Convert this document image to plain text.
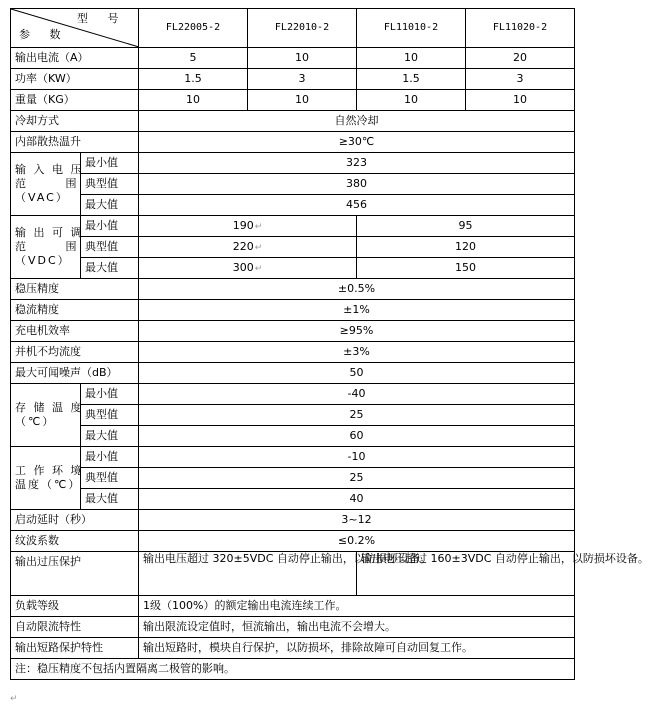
型 号
参 数		FL22005-2	FL22010-2	FL11010-2	FL11020-2
输出电流（A）		5	10	10	20
功率（KW）		1.5	3	1.5	3
重量（KG）		10	10	10	10
冷却方式		自然冷却			
内部散热温升		≥30℃			

输 入 电 压
范 围
（VAC）	最小值	323			
	典型值	380			
	最大值	456			

输 出 可 调
范 围
（VDC）	最小值	190↵		95	
	典型值	220↵		120	
	最大值	300↵		150	
稳压精度		±0.5%			
稳流精度		±1%			
充电机效率		≥95%			
并机不均流度		±3%			
最大可闻噪声（dB）		50			

存 储 温 度
（℃）	最小值	-40			
	典型值	25			
	最大值	60			

工 作 环 境
温度（℃）	最小值	-10			
	典型值	25			
	最大值	40			
启动延时（秒）		3~12			
纹波系数		≤0.2%			
输出过压保护		输出电压超过 320±5VDC 自动停止输出，以防损坏设备。		输出电压超过 160±3VDC 自动停止输出，以防损坏设备。	
负载等级		1级（100%）的额定输出电流连续工作。			
自动限流特性		输出限流设定值时，恒流输出，输出电流不会增大。			
输出短路保护特性		输出短路时，模块自行保护，以防损坏，排除故障可自动回复工作。			
注：稳压精度不包括内置隔离二极管的影响。					
↵
